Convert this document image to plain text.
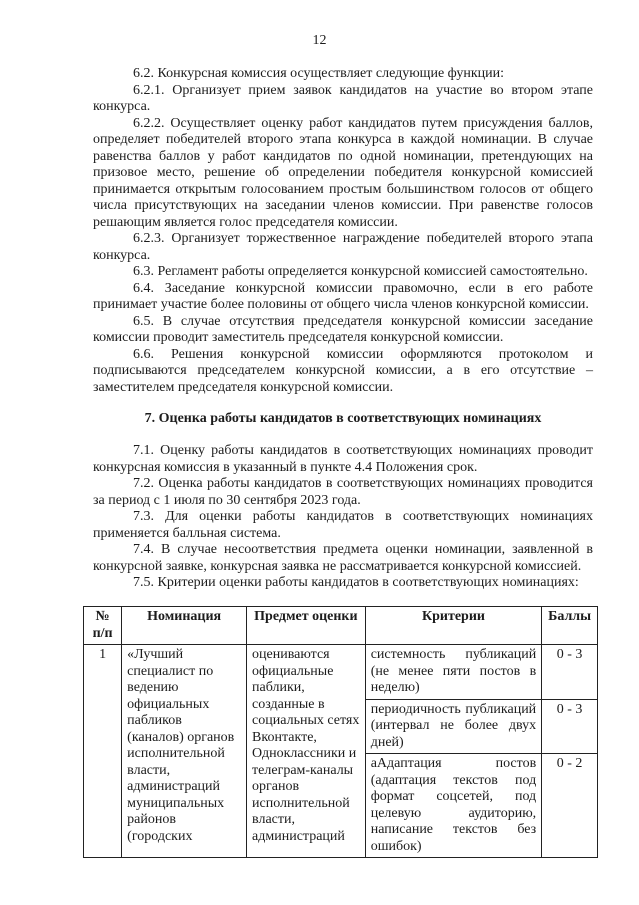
12

6.2. Конкурсная комиссия осуществляет следующие функции:

6.2.1. Организует прием заявок кандидатов на участие во втором этапе конкурса.

6.2.2. Осуществляет оценку работ кандидатов путем присуждения баллов, определяет победителей второго этапа конкурса в каждой номинации. В случае равенства баллов у работ кандидатов по одной номинации, претендующих на призовое место, решение об определении победителя конкурсной комиссией принимается открытым голосованием простым большинством голосов от общего числа присутствующих на заседании членов комиссии. При равенстве голосов решающим является голос председателя комиссии.

6.2.3. Организует торжественное награждение победителей второго этапа конкурса.

6.3. Регламент работы определяется конкурсной комиссией самостоятельно.

6.4. Заседание конкурсной комиссии правомочно, если в его работе принимает участие более половины от общего числа членов конкурсной комиссии.

6.5. В случае отсутствия председателя конкурсной комиссии заседание комиссии проводит заместитель председателя конкурсной комиссии.

6.6. Решения конкурсной комиссии оформляются протоколом и подписываются председателем конкурсной комиссии, а в его отсутствие – заместителем председателя конкурсной комиссии.

7. Оценка работы кандидатов в соответствующих номинациях

7.1. Оценку работы кандидатов в соответствующих номинациях проводит конкурсная комиссия в указанный в пункте 4.4 Положения срок.

7.2. Оценка работы кандидатов в соответствующих номинациях проводится за период с 1 июля по 30 сентября 2023 года.

7.3. Для оценки работы кандидатов в соответствующих номинациях применяется балльная система.

7.4. В случае несоответствия предмета оценки номинации, заявленной в конкурсной заявке, конкурсная заявка не рассматривается конкурсной комиссией.

7.5. Критерии оценки работы кандидатов в соответствующих номинациях:

№ п/п	Номинация	Предмет оценки	Критерии	Баллы
1	«Лучший специалист по ведению официальных пабликов (каналов) органов исполнительной власти, администраций муниципальных районов (городских	оцениваются официальные паблики, созданные в социальных сетях Вконтакте, Одноклассники и телеграм-каналы органов исполнительной власти, администраций	системность публикаций (не менее пяти постов в неделю)	0 - 3
			периодичность публикаций (интервал не более двух дней)	0 - 3
			аАдаптация постов (адаптация текстов под формат соцсетей, под целевую аудиторию, написание текстов без ошибок)	0 - 2
